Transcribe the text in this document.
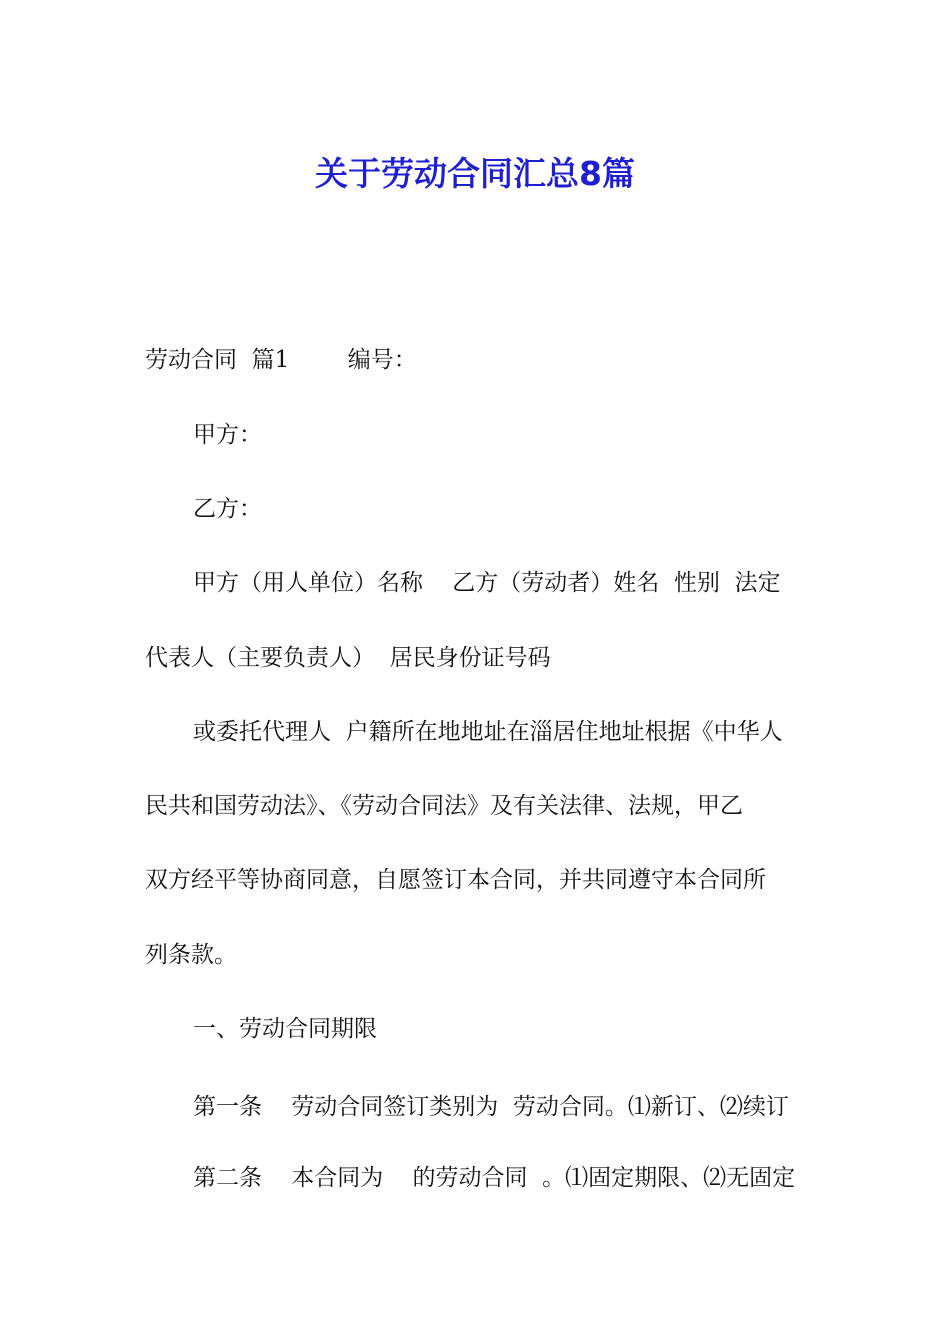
关于劳动合同汇总8篇
劳动合同  篇1        编号：
甲方：
乙方：
甲方（用人单位）名称    乙方（劳动者）姓名  性别  法定
代表人（主要负责人）  居民身份证号码
或委托代理人  户籍所在地地址在淄居住地址根据《中华人
民共和国劳动法》、《劳动合同法》及有关法律、法规，甲乙
双方经平等协商同意，自愿签订本合同，并共同遵守本合同所
列条款。
一、劳动合同期限
第一条    劳动合同签订类别为  劳动合同。⑴新订、⑵续订
第二条    本合同为    的劳动合同  。⑴固定期限、⑵无固定
